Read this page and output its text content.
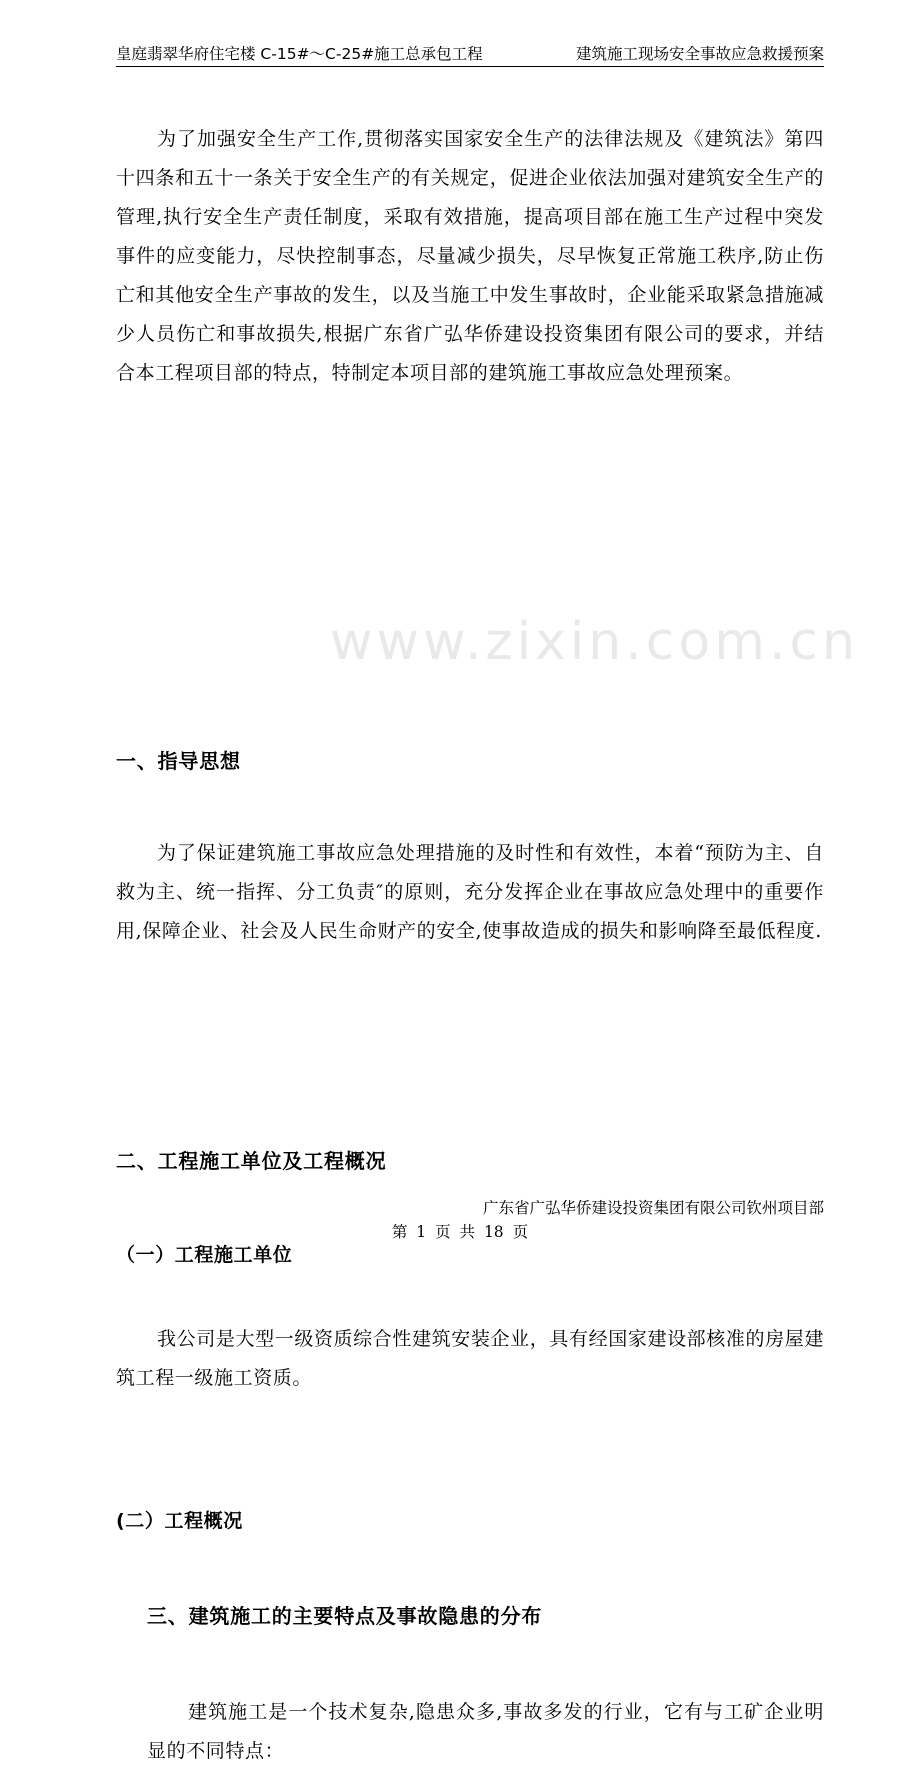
皇庭翡翠华府住宅楼 C-15#～C-25#施工总承包工程	建筑施工现场安全事故应急救援预案
www.zixin.com.cn

为了加强安全生产工作,贯彻落实国家安全生产的法律法规及《建筑法》第四十四条和五十一条关于安全生产的有关规定，促进企业依法加强对建筑安全生产的管理,执行安全生产责任制度，采取有效措施，提高项目部在施工生产过程中突发事件的应变能力，尽快控制事态，尽量减少损失，尽早恢复正常施工秩序,防止伤亡和其他安全生产事故的发生，以及当施工中发生事故时，企业能采取紧急措施减少人员伤亡和事故损失,根据广东省广弘华侨建设投资集团有限公司的要求，并结合本工程项目部的特点，特制定本项目部的建筑施工事故应急处理预案。

一、指导思想

为了保证建筑施工事故应急处理措施的及时性和有效性，本着“预防为主、自救为主、统一指挥、分工负责″的原则，充分发挥企业在事故应急处理中的重要作用,保障企业、社会及人民生命财产的安全,使事故造成的损失和影响降至最低程度.

二、工程施工单位及工程概况
（一）工程施工单位

我公司是大型一级资质综合性建筑安装企业，具有经国家建设部核准的房屋建筑工程一级施工资质。

(二）工程概况
三、建筑施工的主要特点及事故隐患的分布

建筑施工是一个技术复杂,隐患众多,事故多发的行业，它有与工矿企业明显的不同特点：

广东省广弘华侨建设投资集团有限公司钦州项目部
第 1 页 共 18 页
